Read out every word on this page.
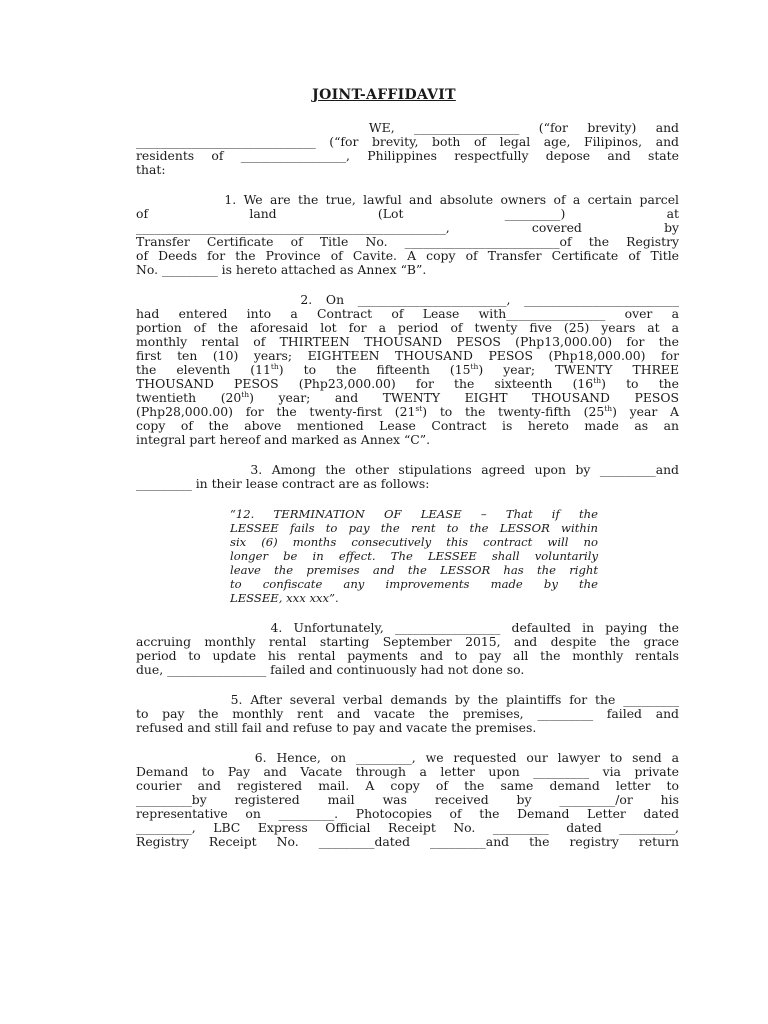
JOINT-AFFIDAVIT
WE, _________________ (“for brevity) and
_____________________________ (“for brevity, both of legal age, Filipinos, and
residents of _________________, Philippines respectfully depose and state
that:
1. We are the true, lawful and absolute owners of a certain parcel
of land (Lot _________) at
__________________________________________________, covered by
Transfer Certificate of Title No. _________________________of the Registry
of Deeds for the Province of Cavite. A copy of Transfer Certificate of Title
No. _________ is hereto attached as Annex “B”.
2. On ________________________, _________________________
had entered into a Contract of Lease with________________ over a
portion of the aforesaid lot for a period of twenty five (25) years at a
monthly rental of THIRTEEN THOUSAND PESOS (Php13,000.00) for the
first ten (10) years; EIGHTEEN THOUSAND PESOS (Php18,000.00) for
the eleventh (11th) to the fifteenth (15th) year; TWENTY THREE
THOUSAND PESOS (Php23,000.00) for the sixteenth (16th) to the
twentieth (20th) year; and TWENTY EIGHT THOUSAND PESOS
(Php28,000.00) for the twenty-first (21st) to the twenty-fifth (25th) year A
copy of the above mentioned Lease Contract is hereto made as an
integral part hereof and marked as Annex “C”.
3. Among the other stipulations agreed upon by _________and
_________ in their lease contract are as follows:
“12. TERMINATION OF LEASE – That if the
LESSEE fails to pay the rent to the LESSOR within
six (6) months consecutively this contract will no
longer be in effect. The LESSEE shall voluntarily
leave the premises and the LESSOR has the right
to confiscate any improvements made by the
LESSEE, xxx xxx”.
4. Unfortunately, _________________ defaulted in paying the
accruing monthly rental starting September 2015, and despite the grace
period to update his rental payments and to pay all the monthly rentals
due, ________________ failed and continuously had not done so.
5. After several verbal demands by the plaintiffs for the _________
to pay the monthly rent and vacate the premises, _________ failed and
refused and still fail and refuse to pay and vacate the premises.
6. Hence, on _________, we requested our lawyer to send a
Demand to Pay and Vacate through a letter upon _________ via private
courier and registered mail. A copy of the same demand letter to
_________by registered mail was received by _________/or his
representative on _________. Photocopies of the Demand Letter dated
_________, LBC Express Official Receipt No. _________ dated _________,
Registry Receipt No. _________dated _________and the registry return
